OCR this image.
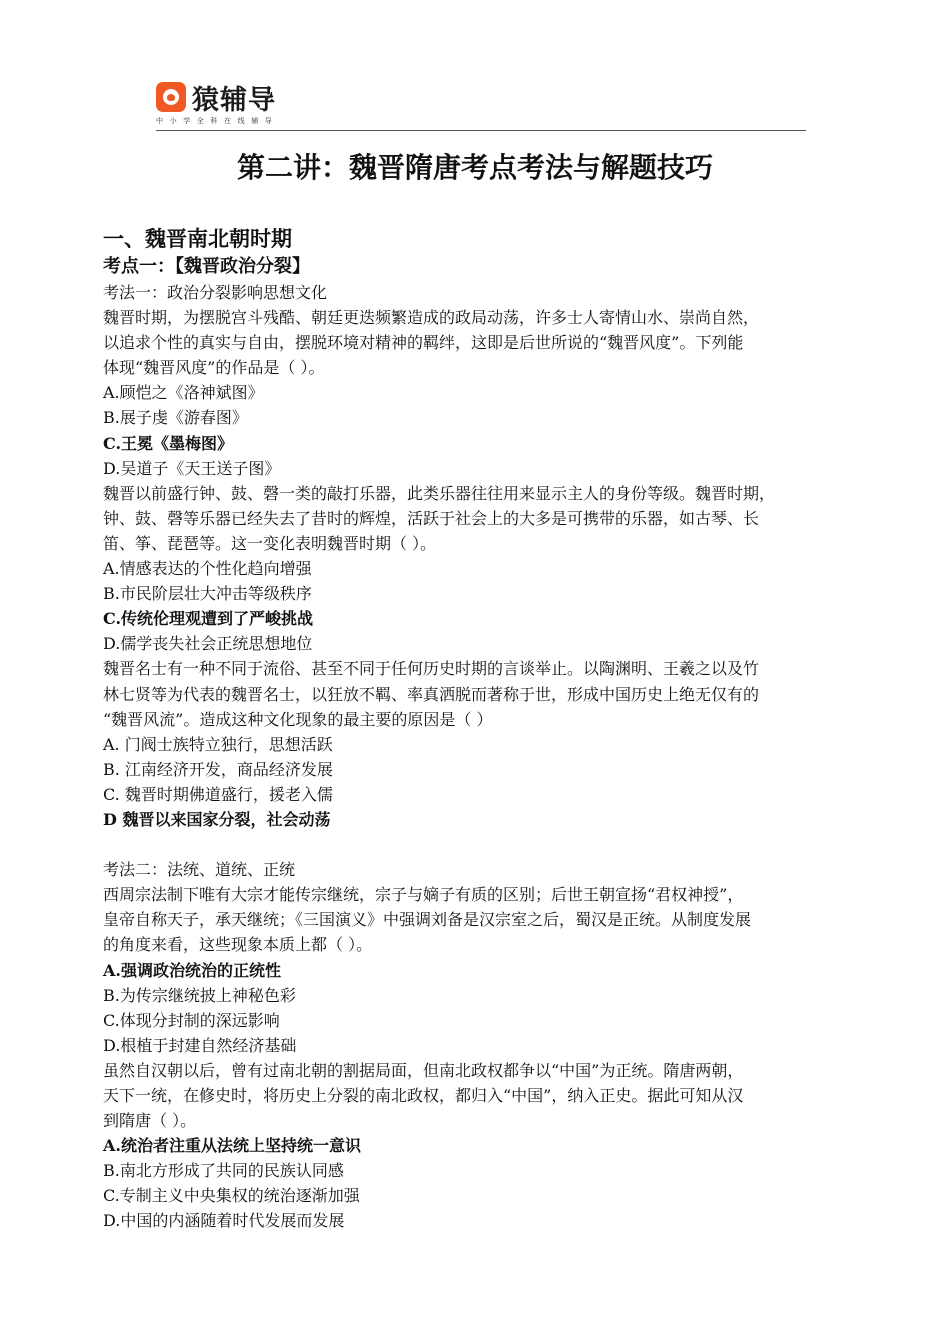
猿辅导
中小学全科在线辅导
第二讲：魏晋隋唐考点考法与解题技巧
一、魏晋南北朝时期
考点一：【魏晋政治分裂】
考法一：政治分裂影响思想文化
魏晋时期，为摆脱宫斗残酷、朝廷更迭频繁造成的政局动荡，许多士人寄情山水、崇尚自然，
以追求个性的真实与自由，摆脱环境对精神的羁绊，这即是后世所说的“魏晋风度”。下列能
体现“魏晋风度”的作品是（ ）。
A.顾恺之《洛神斌图》
B.展子虔《游春图》
C.王冕《墨梅图》
D.吴道子《天王送子图》
魏晋以前盛行钟、鼓、磬一类的敲打乐器，此类乐器往往用来显示主人的身份等级。魏晋时期，
钟、鼓、磬等乐器已经失去了昔时的辉煌，活跃于社会上的大多是可携带的乐器，如古琴、长
笛、筝、琵琶等。这一变化表明魏晋时期（ ）。
A.情感表达的个性化趋向增强
B.市民阶层壮大冲击等级秩序
C.传统伦理观遭到了严峻挑战
D.儒学丧失社会正统思想地位
魏晋名士有一种不同于流俗、甚至不同于任何历史时期的言谈举止。以陶渊明、王羲之以及竹
林七贤等为代表的魏晋名士，以狂放不羁、率真洒脱而著称于世，形成中国历史上绝无仅有的
“魏晋风流”。造成这种文化现象的最主要的原因是（ ）
A. 门阀士族特立独行，思想活跃
B. 江南经济开发，商品经济发展
C. 魏晋时期佛道盛行，援老入儒
D 魏晋以来国家分裂，社会动荡
考法二：法统、道统、正统
西周宗法制下唯有大宗才能传宗继统，宗子与嫡子有质的区别；后世王朝宣扬“君权神授”，
皇帝自称天子，承天继统；《三国演义》中强调刘备是汉宗室之后，蜀汉是正统。从制度发展
的角度来看，这些现象本质上都（ ）。
A.强调政治统治的正统性
B.为传宗继统披上神秘色彩
C.体现分封制的深远影响
D.根植于封建自然经济基础
虽然自汉朝以后，曾有过南北朝的割据局面，但南北政权都争以“中国”为正统。隋唐两朝，
天下一统，在修史时，将历史上分裂的南北政权，都归入“中国”，纳入正史。据此可知从汉
到隋唐（ ）。
A.统治者注重从法统上坚持统一意识
B.南北方形成了共同的民族认同感
C.专制主义中央集权的统治逐渐加强
D.中国的内涵随着时代发展而发展
